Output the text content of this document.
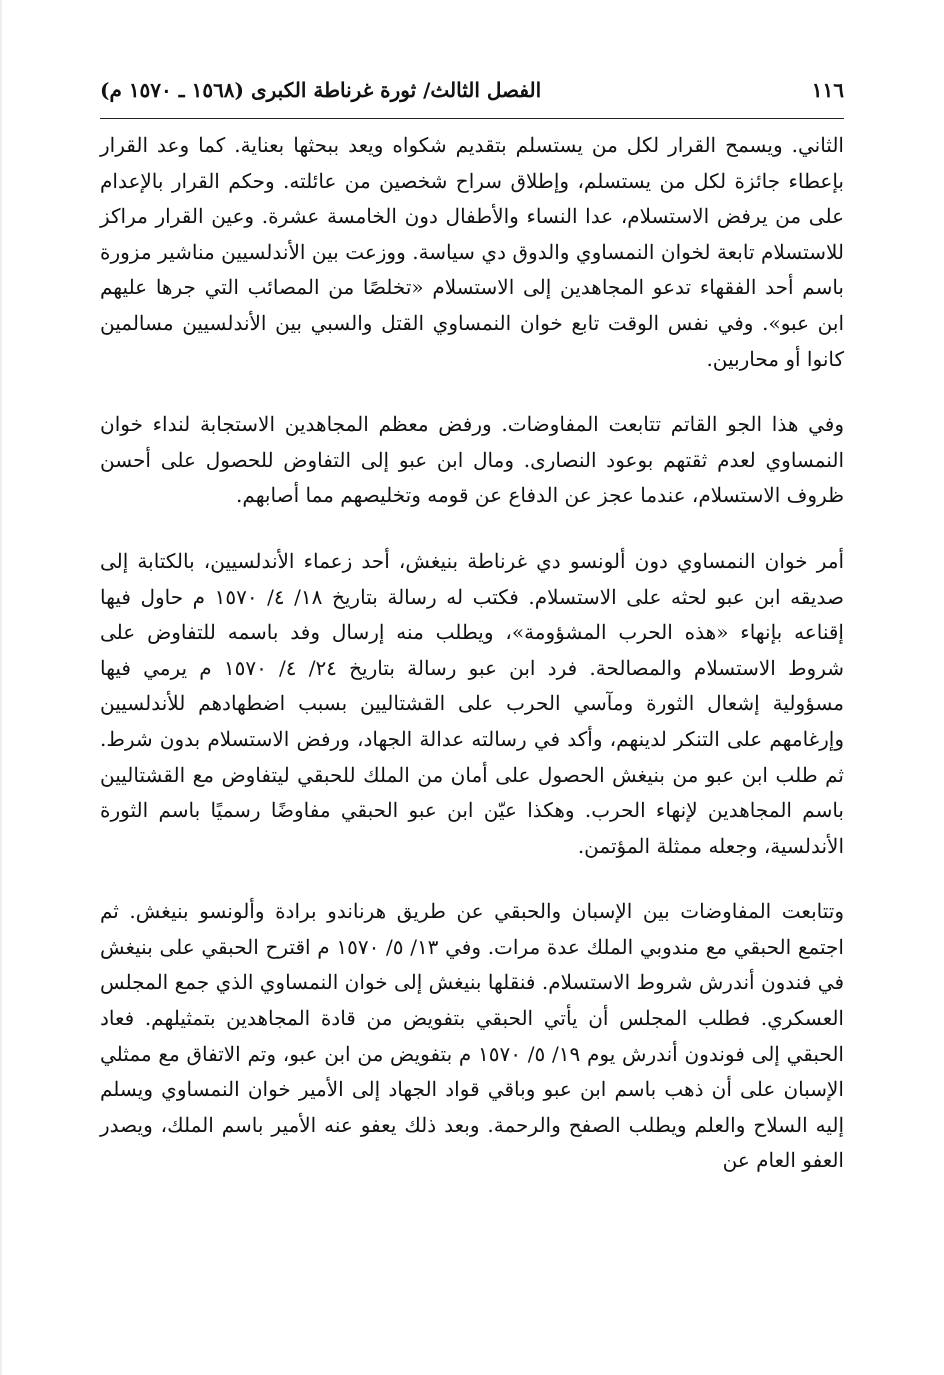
١١٦
الفصل الثالث/ ثورة غرناطة الكبرى (١٥٦٨ ـ ١٥٧٠ م)

الثاني. ويسمح القرار لكل من يستسلم بتقديم شكواه ويعد ببحثها بعناية. كما وعد القرار بإعطاء جائزة لكل من يستسلم، وإطلاق سراح شخصين من عائلته. وحكم القرار بالإعدام على من يرفض الاستسلام، عدا النساء والأطفال دون الخامسة عشرة. وعين القرار مراكز للاستسلام تابعة لخوان النمساوي والدوق دي سياسة. ووزعت بين الأندلسيين مناشير مزورة باسم أحد الفقهاء تدعو المجاهدين إلى الاستسلام «تخلصًا من المصائب التي جرها عليهم ابن عبو». وفي نفس الوقت تابع خوان النمساوي القتل والسبي بين الأندلسيين مسالمين كانوا أو محاربين.

وفي هذا الجو القاتم تتابعت المفاوضات. ورفض معظم المجاهدين الاستجابة لنداء خوان النمساوي لعدم ثقتهم بوعود النصارى. ومال ابن عبو إلى التفاوض للحصول على أحسن ظروف الاستسلام، عندما عجز عن الدفاع عن قومه وتخليصهم مما أصابهم.

أمر خوان النمساوي دون ألونسو دي غرناطة بنيغش، أحد زعماء الأندلسيين، بالكتابة إلى صديقه ابن عبو لحثه على الاستسلام. فكتب له رسالة بتاريخ ١٨/ ٤/ ١٥٧٠ م حاول فيها إقناعه بإنهاء «هذه الحرب المشؤومة»، ويطلب منه إرسال وفد باسمه للتفاوض على شروط الاستسلام والمصالحة. فرد ابن عبو رسالة بتاريخ ٢٤/ ٤/ ١٥٧٠ م يرمي فيها مسؤولية إشعال الثورة ومآسي الحرب على القشتاليين بسبب اضطهادهم للأندلسيين وإرغامهم على التنكر لدينهم، وأكد في رسالته عدالة الجهاد، ورفض الاستسلام بدون شرط. ثم طلب ابن عبو من بنيغش الحصول على أمان من الملك للحبقي ليتفاوض مع القشتاليين باسم المجاهدين لإنهاء الحرب. وهكذا عيّن ابن عبو الحبقي مفاوضًا رسميًا باسم الثورة الأندلسية، وجعله ممثلة المؤتمن.

وتتابعت المفاوضات بين الإسبان والحبقي عن طريق هرناندو برادة وألونسو بنيغش. ثم اجتمع الحبقي مع مندوبي الملك عدة مرات. وفي ١٣/ ٥/ ١٥٧٠ م اقترح الحبقي على بنيغش في فندون أندرش شروط الاستسلام. فنقلها بنيغش إلى خوان النمساوي الذي جمع المجلس العسكري. فطلب المجلس أن يأتي الحبقي بتفويض من قادة المجاهدين بتمثيلهم. فعاد الحبقي إلى فوندون أندرش يوم ١٩/ ٥/ ١٥٧٠ م بتفويض من ابن عبو، وتم الاتفاق مع ممثلي الإسبان على أن ذهب باسم ابن عبو وباقي قواد الجهاد إلى الأمير خوان النمساوي ويسلم إليه السلاح والعلم ويطلب الصفح والرحمة. وبعد ذلك يعفو عنه الأمير باسم الملك، ويصدر العفو العام عن
